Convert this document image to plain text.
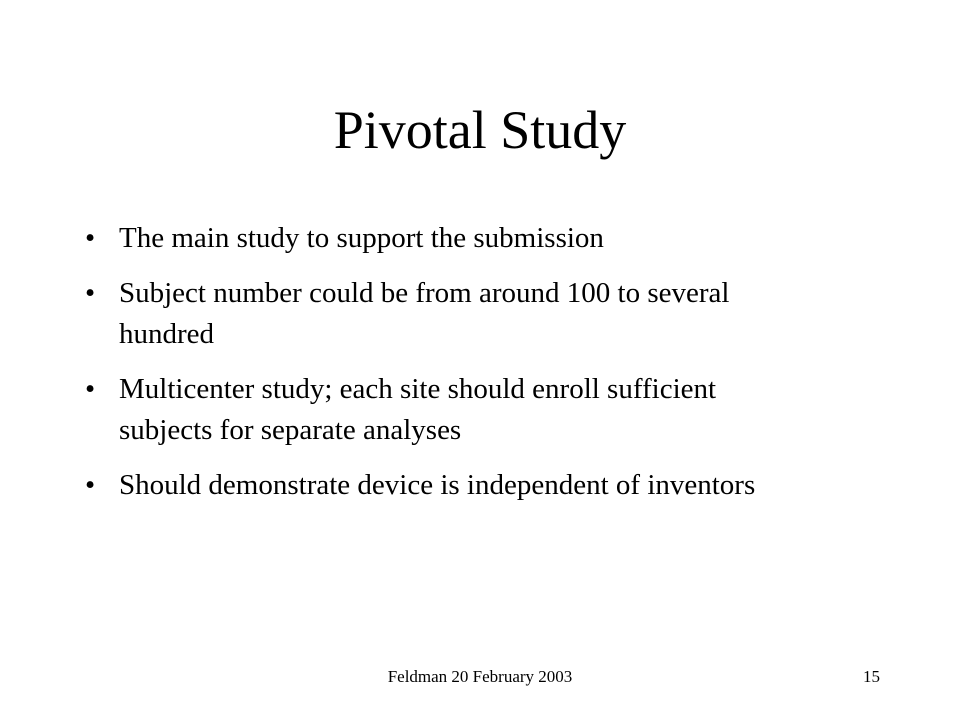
Pivotal Study
• The main study to support the submission
• Subject number could be from around 100 to several hundred
• Multicenter study; each site should enroll sufficient subjects for separate analyses
• Should demonstrate device is independent of inventors
Feldman 20 February 2003	15
